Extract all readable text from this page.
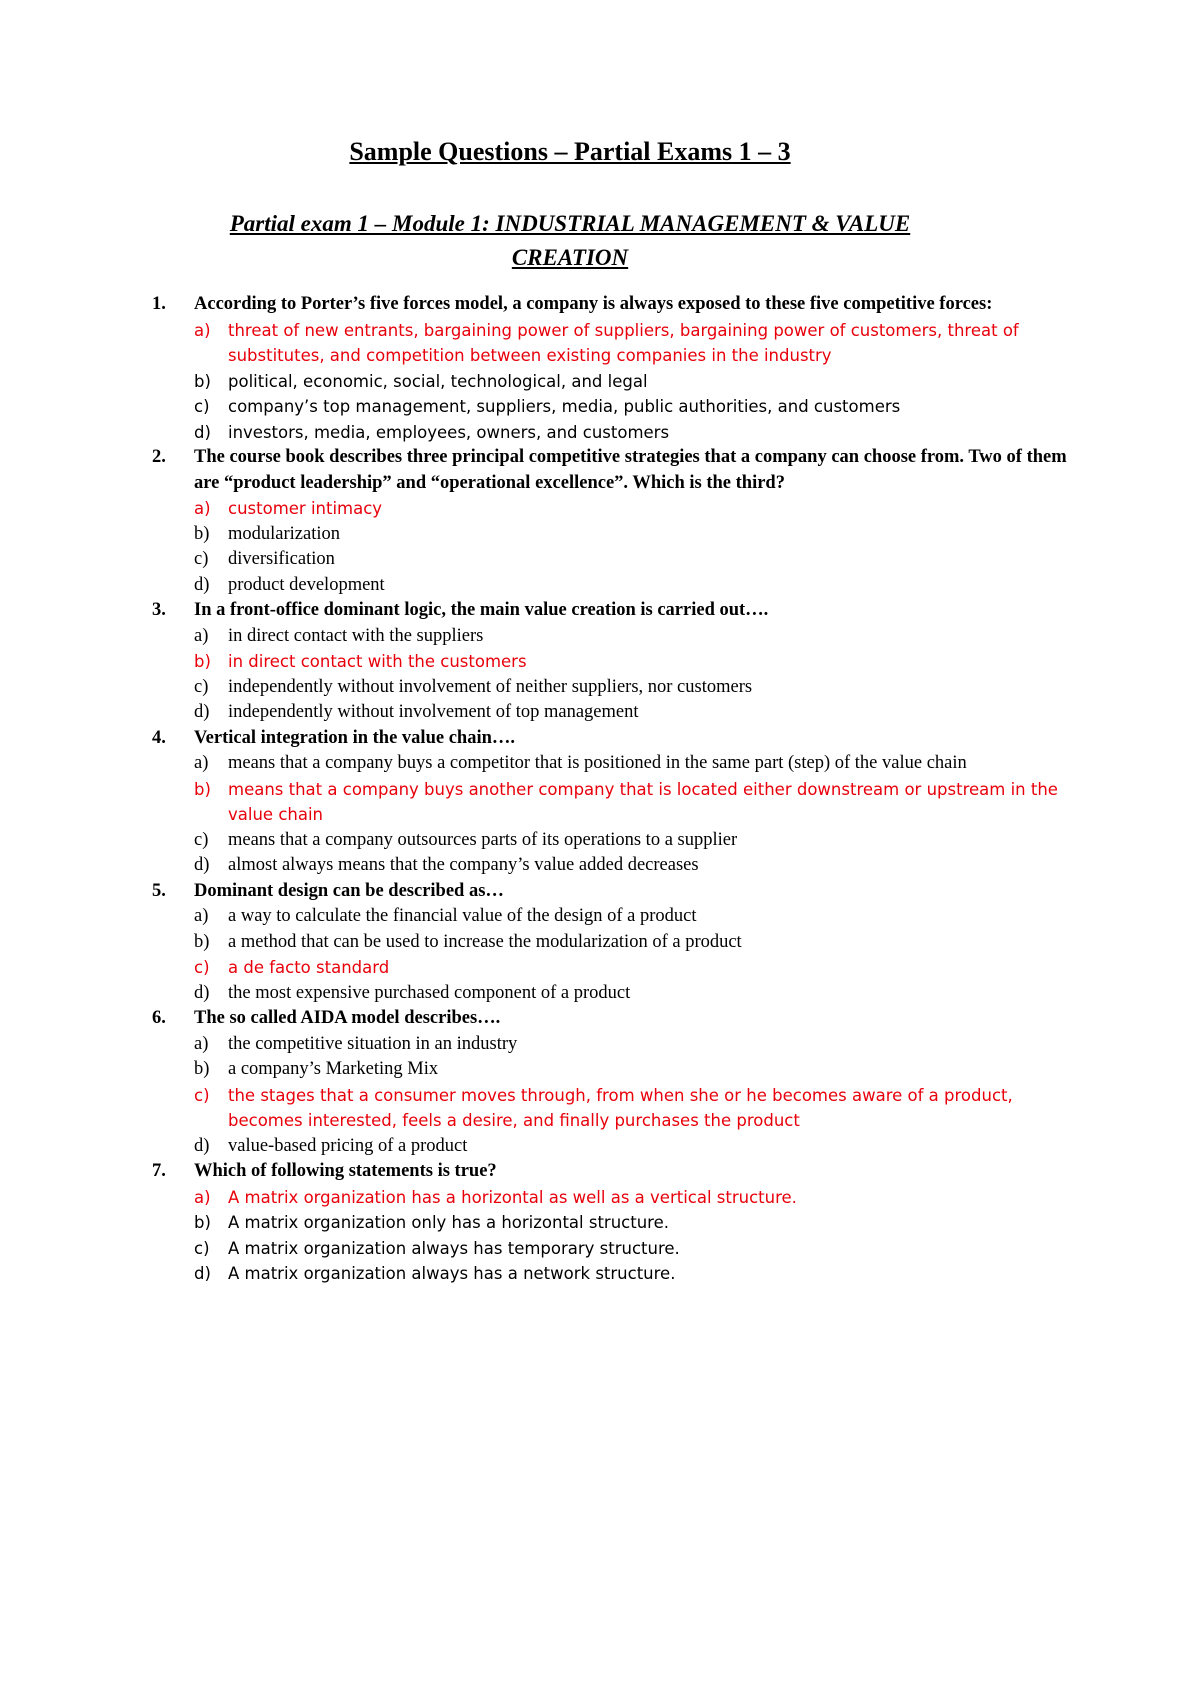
Sample Questions – Partial Exams 1 – 3
Partial exam 1 – Module 1: INDUSTRIAL MANAGEMENT & VALUE CREATION
1. According to Porter’s five forces model, a company is always exposed to these five competitive forces:
a) threat of new entrants, bargaining power of suppliers, bargaining power of customers, threat of substitutes, and competition between existing companies in the industry
b) political, economic, social, technological, and legal
c) company’s top management, suppliers, media, public authorities, and customers
d) investors, media, employees, owners, and customers
2. The course book describes three principal competitive strategies that a company can choose from. Two of them are “product leadership” and “operational excellence”. Which is the third?
a) customer intimacy
b) modularization
c) diversification
d) product development
3. In a front-office dominant logic, the main value creation is carried out….
a) in direct contact with the suppliers
b) in direct contact with the customers
c) independently without involvement of neither suppliers, nor customers
d) independently without involvement of top management
4. Vertical integration in the value chain….
a) means that a company buys a competitor that is positioned in the same part (step) of the value chain
b) means that a company buys another company that is located either downstream or upstream in the value chain
c) means that a company outsources parts of its operations to a supplier
d) almost always means that the company’s value added decreases
5. Dominant design can be described as…
a) a way to calculate the financial value of the design of a product
b) a method that can be used to increase the modularization of a product
c) a de facto standard
d) the most expensive purchased component of a product
6. The so called AIDA model describes….
a) the competitive situation in an industry
b) a company’s Marketing Mix
c) the stages that a consumer moves through, from when she or he becomes aware of a product, becomes interested, feels a desire, and finally purchases the product
d) value-based pricing of a product
7. Which of following statements is true?
a) A matrix organization has a horizontal as well as a vertical structure.
b) A matrix organization only has a horizontal structure.
c) A matrix organization always has temporary structure.
d) A matrix organization always has a network structure.
